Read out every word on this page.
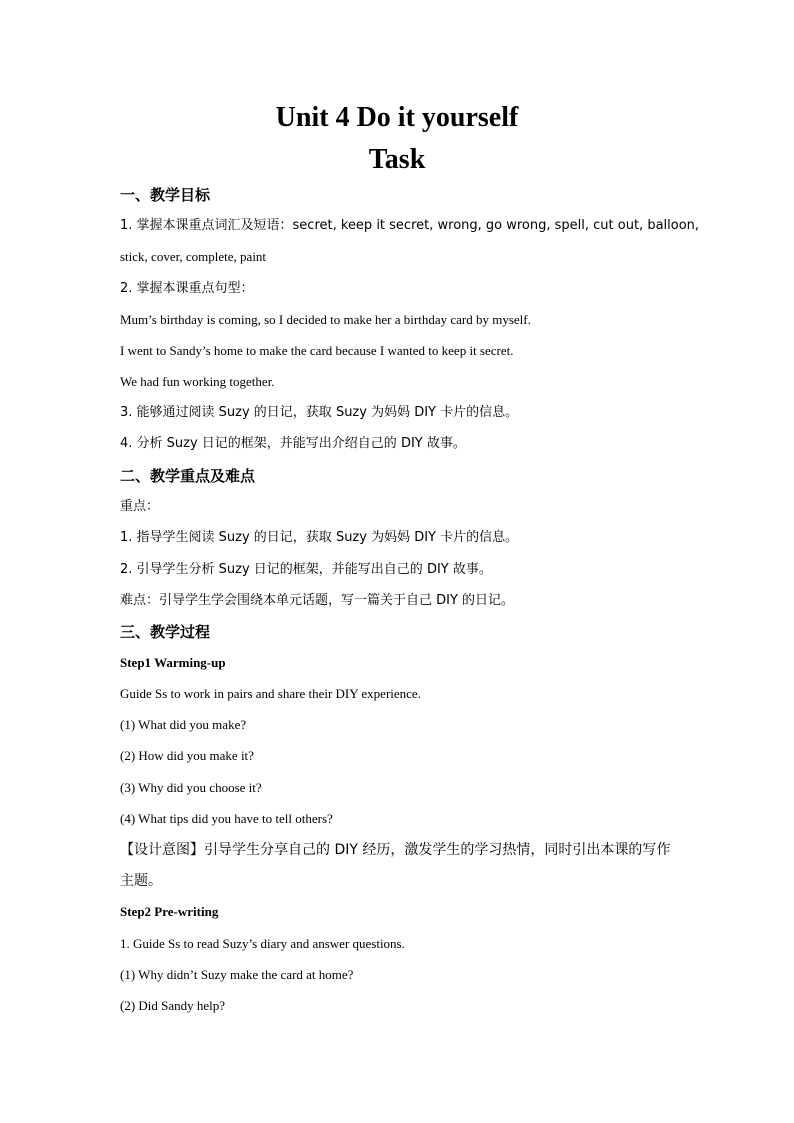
Unit 4 Do it yourself
Task
一、教学目标
1. 掌握本课重点词汇及短语：secret, keep it secret, wrong, go wrong, spell, cut out, balloon,
stick, cover, complete, paint
2. 掌握本课重点句型：
Mum’s birthday is coming, so I decided to make her a birthday card by myself.
I went to Sandy’s home to make the card because I wanted to keep it secret.
We had fun working together.
3. 能够通过阅读 Suzy 的日记，获取 Suzy 为妈妈 DIY 卡片的信息。
4. 分析 Suzy 日记的框架，并能写出介绍自己的 DIY 故事。
二、教学重点及难点
重点：
1. 指导学生阅读 Suzy 的日记，获取 Suzy 为妈妈 DIY 卡片的信息。
2. 引导学生分析 Suzy 日记的框架，并能写出自己的 DIY 故事。
难点：引导学生学会围绕本单元话题，写一篇关于自己 DIY 的日记。
三、教学过程
Step1 Warming-up
Guide Ss to work in pairs and share their DIY experience.
(1) What did you make?
(2) How did you make it?
(3) Why did you choose it?
(4) What tips did you have to tell others?
【设计意图】引导学生分享自己的 DIY 经历，激发学生的学习热情，同时引出本课的写作
主题。
Step2 Pre-writing
1. Guide Ss to read Suzy’s diary and answer questions.
(1) Why didn’t Suzy make the card at home?
(2) Did Sandy help?
